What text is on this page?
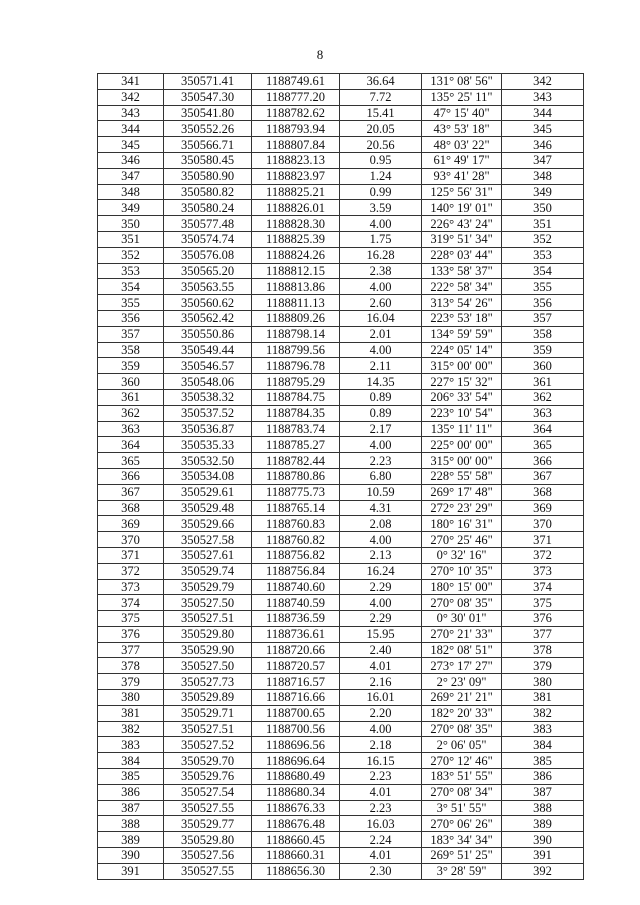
8
341	350571.41	1188749.61	36.64	131° 08' 56"	342
342	350547.30	1188777.20	7.72	135° 25' 11"	343
343	350541.80	1188782.62	15.41	47° 15' 40"	344
344	350552.26	1188793.94	20.05	43° 53' 18"	345
345	350566.71	1188807.84	20.56	48° 03' 22"	346
346	350580.45	1188823.13	0.95	61° 49' 17"	347
347	350580.90	1188823.97	1.24	93° 41' 28"	348
348	350580.82	1188825.21	0.99	125° 56' 31"	349
349	350580.24	1188826.01	3.59	140° 19' 01"	350
350	350577.48	1188828.30	4.00	226° 43' 24"	351
351	350574.74	1188825.39	1.75	319° 51' 34"	352
352	350576.08	1188824.26	16.28	228° 03' 44"	353
353	350565.20	1188812.15	2.38	133° 58' 37"	354
354	350563.55	1188813.86	4.00	222° 58' 34"	355
355	350560.62	1188811.13	2.60	313° 54' 26"	356
356	350562.42	1188809.26	16.04	223° 53' 18"	357
357	350550.86	1188798.14	2.01	134° 59' 59"	358
358	350549.44	1188799.56	4.00	224° 05' 14"	359
359	350546.57	1188796.78	2.11	315° 00' 00"	360
360	350548.06	1188795.29	14.35	227° 15' 32"	361
361	350538.32	1188784.75	0.89	206° 33' 54"	362
362	350537.52	1188784.35	0.89	223° 10' 54"	363
363	350536.87	1188783.74	2.17	135° 11' 11"	364
364	350535.33	1188785.27	4.00	225° 00' 00"	365
365	350532.50	1188782.44	2.23	315° 00' 00"	366
366	350534.08	1188780.86	6.80	228° 55' 58"	367
367	350529.61	1188775.73	10.59	269° 17' 48"	368
368	350529.48	1188765.14	4.31	272° 23' 29"	369
369	350529.66	1188760.83	2.08	180° 16' 31"	370
370	350527.58	1188760.82	4.00	270° 25' 46"	371
371	350527.61	1188756.82	2.13	0° 32' 16"	372
372	350529.74	1188756.84	16.24	270° 10' 35"	373
373	350529.79	1188740.60	2.29	180° 15' 00"	374
374	350527.50	1188740.59	4.00	270° 08' 35"	375
375	350527.51	1188736.59	2.29	0° 30' 01"	376
376	350529.80	1188736.61	15.95	270° 21' 33"	377
377	350529.90	1188720.66	2.40	182° 08' 51"	378
378	350527.50	1188720.57	4.01	273° 17' 27"	379
379	350527.73	1188716.57	2.16	2° 23' 09"	380
380	350529.89	1188716.66	16.01	269° 21' 21"	381
381	350529.71	1188700.65	2.20	182° 20' 33"	382
382	350527.51	1188700.56	4.00	270° 08' 35"	383
383	350527.52	1188696.56	2.18	2° 06' 05"	384
384	350529.70	1188696.64	16.15	270° 12' 46"	385
385	350529.76	1188680.49	2.23	183° 51' 55"	386
386	350527.54	1188680.34	4.01	270° 08' 34"	387
387	350527.55	1188676.33	2.23	3° 51' 55"	388
388	350529.77	1188676.48	16.03	270° 06' 26"	389
389	350529.80	1188660.45	2.24	183° 34' 34"	390
390	350527.56	1188660.31	4.01	269° 51' 25"	391
391	350527.55	1188656.30	2.30	3° 28' 59"	392
